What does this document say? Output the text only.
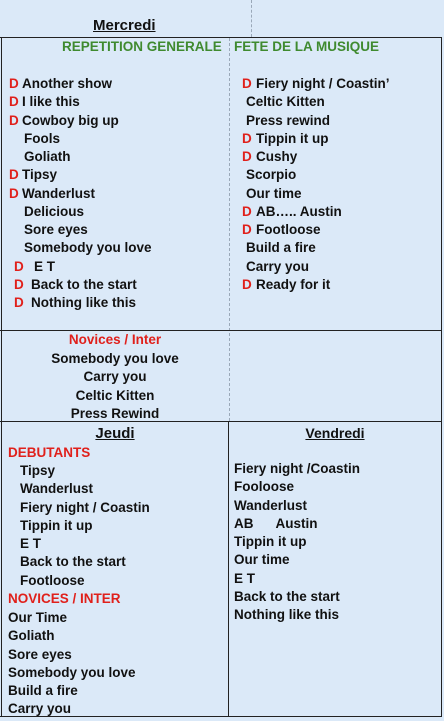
Mercredi
REPETITION GENERALE FETE DE LA MUSIQUE
D Another show
D I like this
D Cowboy big up
Fools
Goliath
D Tipsy
D Wanderlust
Delicious
Sore eyes
Somebody you love
D E T
D Back to the start
D Nothing like this
D Fiery night / Coastin’
Celtic Kitten
Press rewind
D Tippin it up
D Cushy
Scorpio
Our time
D AB….. Austin
D Footloose
Build a fire
Carry you
D Ready for it
Novices / Inter
Somebody you love
Carry you
Celtic Kitten
Press Rewind
Jeudi
DEBUTANTS
Tipsy
Wanderlust
Fiery night / Coastin
Tippin it up
E T
Back to the start
Footloose
NOVICES / INTER
Our Time
Goliath
Sore eyes
Somebody you love
Build a fire
Carry you
Vendredi
Fiery night /Coastin
Fooloose
Wanderlust
AB      Austin
Tippin it up
Our time
E T
Back to the start
Nothing like this
